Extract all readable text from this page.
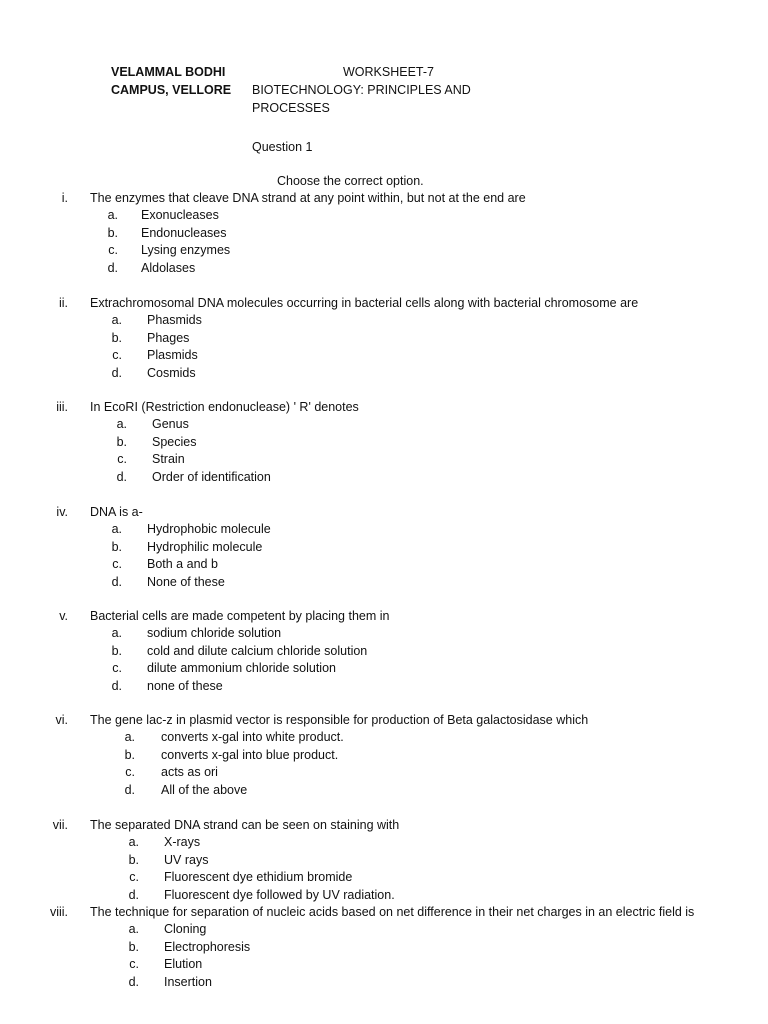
VELAMMAL BODHI
CAMPUS, VELLORE
WORKSHEET-7
BIOTECHNOLOGY: PRINCIPLES AND
PROCESSES
Question 1
Choose the correct option.
i. The enzymes that cleave DNA strand at any point within, but not at the end are
a. Exonucleases
b. Endonucleases
c. Lysing enzymes
d. Aldolases
ii. Extrachromosomal DNA molecules occurring in bacterial cells along with bacterial chromosome are
a. Phasmids
b. Phages
c. Plasmids
d. Cosmids
iii. In EcoRI (Restriction endonuclease) ' R' denotes
a. Genus
b. Species
c. Strain
d. Order of identification
iv. DNA is a-
a. Hydrophobic molecule
b. Hydrophilic molecule
c. Both a and b
d. None of these
v. Bacterial cells are made competent by placing them in
a. sodium chloride solution
b. cold and dilute calcium chloride solution
c. dilute ammonium chloride solution
d. none of these
vi. The gene lac-z in plasmid vector is responsible for production of Beta galactosidase which
a. converts x-gal into white product.
b. converts x-gal into blue product.
c. acts as ori
d. All of the above
vii. The separated DNA strand can be seen on staining with
a. X-rays
b. UV rays
c. Fluorescent dye ethidium bromide
d. Fluorescent dye followed by UV radiation.
viii. The technique for separation of nucleic acids based on net difference in their net charges in an electric field is
a. Cloning
b. Electrophoresis
c. Elution
d. Insertion
